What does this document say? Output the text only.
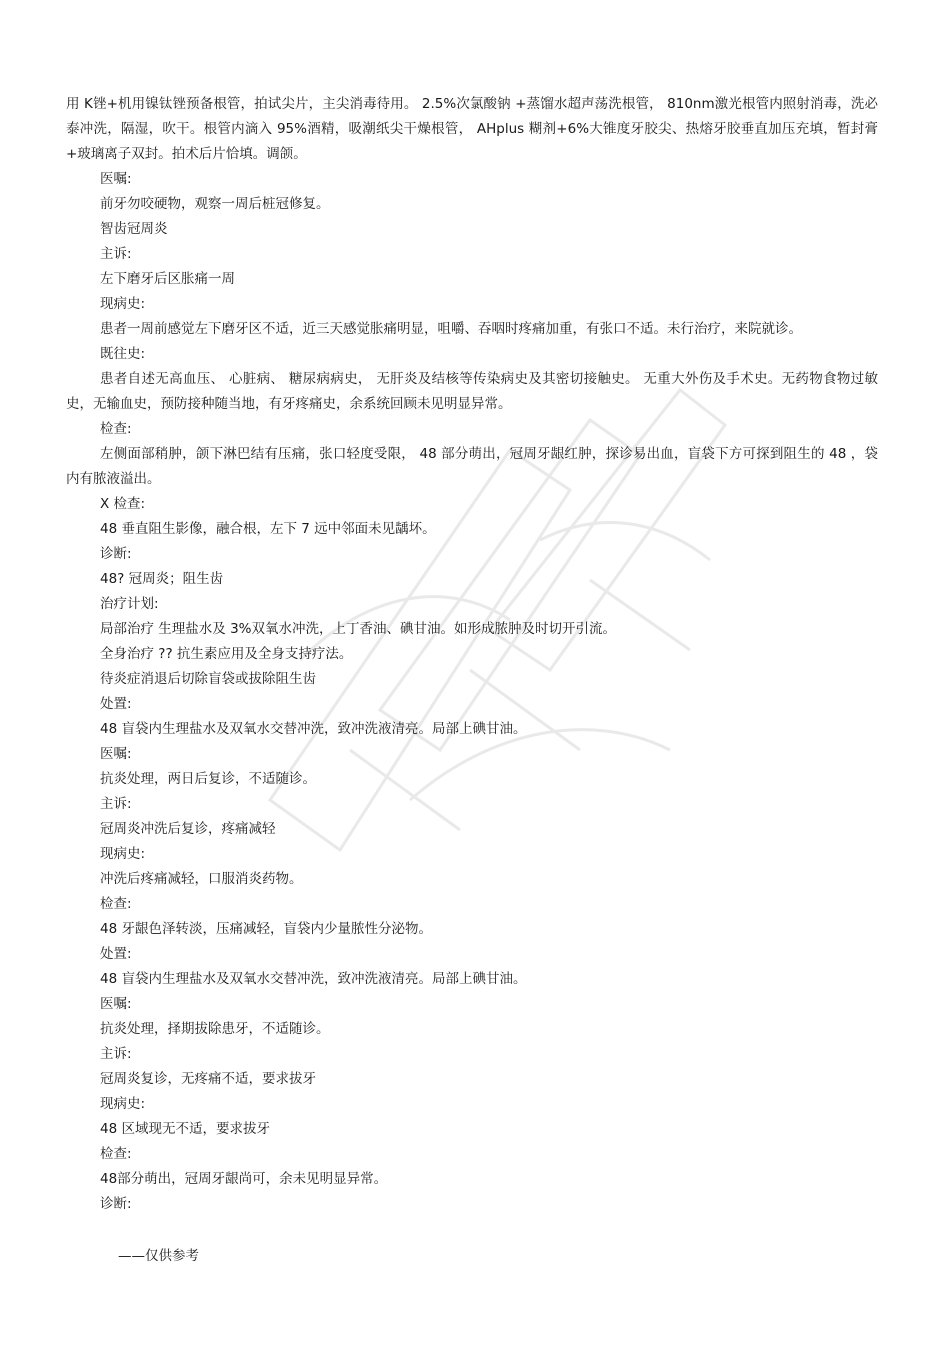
用 K锉+机用镍钛锉预备根管，拍试尖片，主尖消毒待用。 2.5%次氯酸钠 +蒸馏水超声荡洗根管， 810nm激光根管内照射消毒，洗必泰冲洗，隔湿，吹干。根管内滴入 95%酒精，吸潮纸尖干燥根管， AHplus 糊剂+6%大锥度牙胶尖、热熔牙胶垂直加压充填，暂封膏 +玻璃离子双封。拍术后片恰填。调颌。

医嘱:

前牙勿咬硬物，观察一周后桩冠修复。

智齿冠周炎

主诉:

左下磨牙后区胀痛一周

现病史:

患者一周前感觉左下磨牙区不适，近三天感觉胀痛明显，咀嚼、吞咽时疼痛加重，有张口不适。未行治疗，来院就诊。

既往史:

患者自述无高血压、 心脏病、 糖尿病病史， 无肝炎及结核等传染病史及其密切接触史。 无重大外伤及手术史。无药物食物过敏史，无输血史，预防接种随当地，有牙疼痛史，余系统回顾未见明显异常。

检查:

左侧面部稍肿，颌下淋巴结有压痛，张口轻度受限， 48 部分萌出，冠周牙龈红肿，探诊易出血，盲袋下方可探到阻生的 48 ，袋内有脓液溢出。

X 检查:

48 垂直阻生影像，融合根，左下 7 远中邻面未见龋坏。

诊断:

48? 冠周炎；阻生齿

治疗计划:

局部治疗 生理盐水及 3%双氧水冲洗，上丁香油、碘甘油。如形成脓肿及时切开引流。

全身治疗 ?? 抗生素应用及全身支持疗法。

待炎症消退后切除盲袋或拔除阻生齿

处置:

48 盲袋内生理盐水及双氧水交替冲洗，致冲洗液清亮。局部上碘甘油。

医嘱:

抗炎处理，两日后复诊，不适随诊。

主诉:

冠周炎冲洗后复诊，疼痛减轻

现病史:

冲洗后疼痛减轻，口服消炎药物。

检查:

48 牙龈色泽转淡，压痛减轻，盲袋内少量脓性分泌物。

处置:

48 盲袋内生理盐水及双氧水交替冲洗，致冲洗液清亮。局部上碘甘油。

医嘱:

抗炎处理，择期拔除患牙，不适随诊。

主诉:

冠周炎复诊，无疼痛不适，要求拔牙

现病史:

48 区域现无不适，要求拔牙

检查:

48部分萌出，冠周牙龈尚可，余未见明显异常。

诊断:

——仅供参考
